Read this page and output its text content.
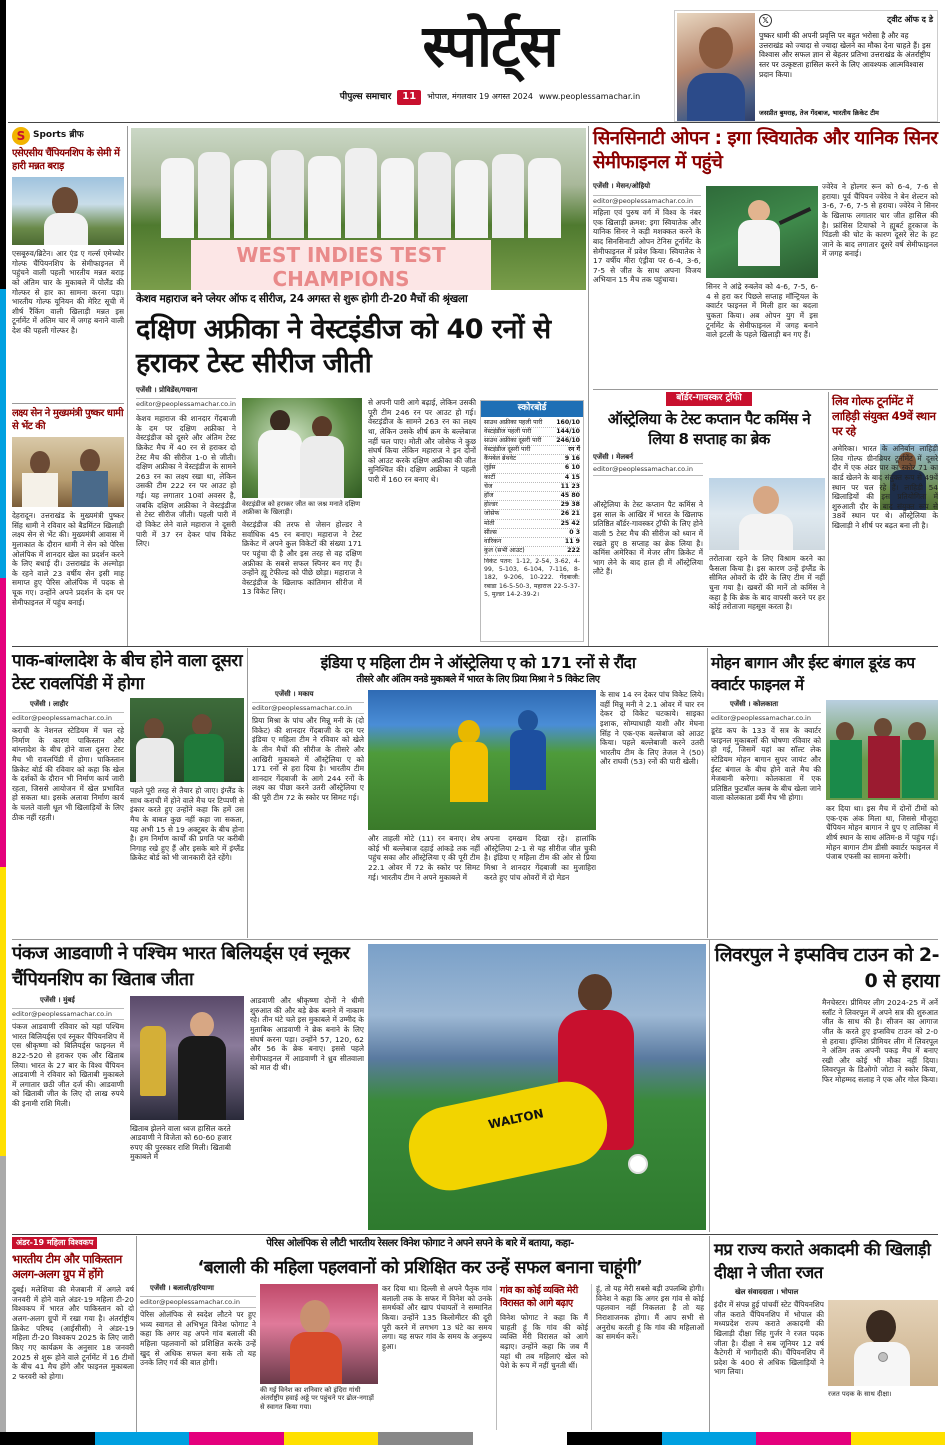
स्पोर्ट्स
पीपुल्स समाचार	11	भोपाल, मंगलवार 19 अगस्त 2024 www.peoplessamachar.in
𝕏	ट्वीट ऑफ द डे
पुष्कर धामी की अपनी प्रवृत्ति पर बहुत भरोसा है और वह उत्तराखंड को ज्यादा से ज्यादा खेलने का मौका देना चाहते हैं। इस विश्वास और सफल ज्ञान से बेहतर प्रतिभा उत्तराखंड के अंतर्राष्ट्रीय स्तर पर उत्कृष्टता हासिल करने के लिए आवश्यक आत्मविश्वास प्रदान किया।
जसप्रीत बुमराह, तेज गेंदबाज, भारतीय क्रिकेट टीम
S Sports ब्रीफ
एसेएसीय चैंपियनशिप के सेमी में हारी मन्नत बराड़
एसबूरुव/ब्रिटेन। आर एंड ए गर्ल्स एमेच्योर गोल्फ चैंपियनशिप के सेमीफाइनल में पहुंचने वाली पहली भारतीय मन्नत बराड़ को अंतिम चार के मुकाबले में पोलैंड की गोल्फर से हार का सामना करना पड़ा। भारतीय गोल्फ यूनियन की मेरिट सूची में शीर्ष रैंकिंग वाली खिलाड़ी मन्नत इस टूर्नामेंट में अंतिम चार में जगह बनाने वाली देश की पहली गोल्फर है।
लक्ष्य सेन ने मुख्यमंत्री पुष्कर धामी से भेंट की
देहरादून। उत्तराखंड के मुख्यमंत्री पुष्कर सिंह धामी ने रविवार को बैडमिंटन खिलाड़ी लक्ष्य सेन से भेंट की। मुख्यमंत्री आवास में मुलाकात के दौरान धामी ने सेन को पेरिस ओलंपिक में शानदार खेल का प्रदर्शन करने के लिए बधाई दी। उत्तराखंड के अल्मोड़ा के रहने वाले 23 वर्षीय सेन इसी माह समाप्त हुए पेरिस ओलंपिक में पदक से चूक गए। उन्होंने अपने प्रदर्शन के दम पर सेमीफाइनल में पहुंच बनाई।
WEST INDIES TEST CHAMPIONS
केशव महाराज बने प्लेयर ऑफ द सीरीज, 24 अगस्त से शुरू होगी टी-20 मैचों की श्रृंखला
दक्षिण अफ्रीका ने वेस्टइंडीज को 40 रनों से हराकर टेस्ट सीरीज जीती
एजेंसी । प्रोविडेंस/गयाना
editor@peoplessamachar.co.in
केशव महाराज की शानदार गेंदबाजी के दम पर दक्षिण अफ्रीका ने वेस्टइंडीज को दूसरे और अंतिम टेस्ट क्रिकेट मैच में 40 रन से हराकर दो टेस्ट मैच की सीरीज 1-0 से जीती। दक्षिण अफ्रीका ने वेस्टइंडीज के सामने 263 रन का लक्ष्य रखा था, लेकिन उसकी टीम 222 रन पर आउट हो गई। यह लगातार 10वां अवसर है, जबकि दक्षिण अफ्रीका ने वेस्टइंडीज से टेस्ट सीरीज जीती। पहली पारी में दो विकेट लेने वाले महाराज ने दूसरी पारी में 37 रन देकर पांच विकेट लिए।
वेस्टइंडीज को हराकर जीत का जश्न मनाते दक्षिण अफ्रीका के खिलाड़ी।
वेस्टइंडीज की तरफ से जेसन होल्डर ने सर्वाधिक 45 रन बनाए। महाराज ने टेस्ट क्रिकेट में अपने कुल विकेटों की संख्या 171 पर पहुंचा दी है और इस तरह से वह दक्षिण अफ्रीका के सबसे सफल स्पिनर बन गए हैं। उन्होंने ह्यू टेफील्ड को पीछे छोड़ा। महाराज ने वेस्टइंडीज के खिलाफ कांतिमान सीरीज में 13 विकेट लिए।
से अपनी पारी आगे बढ़ाई, लेकिन उसकी पूरी टीम 246 रन पर आउट हो गई। वेस्टइंडीज के सामने 263 रन का लक्ष्य था, लेकिन उसके शीर्ष क्रम के बल्लेबाज नहीं चल पाए। मोती और जोसेफ ने कुछ संघर्ष किया लेकिन महाराज ने इन दोनों को आउट करके दक्षिण अफ्रीका की जीत सुनिश्चित की। दक्षिण अफ्रीका ने पहली पारी में 160 रन बनाए थे।
स्कोरबोर्ड
साउथ अफ्रीका पहली पारी 160/10
वेस्टइंडीज पहली पारी	144/10
साउथ अफ्रीका दूसरी पारी 246/10
वेस्टइंडीज दूसरी पारी	रन गें
कैंपबेल ब्रेथवेट	9 16
लुईस	6 10
कार्टी	4 15
चेज	11 23
हॉज	45 80
होल्डर	29 38
जोसेफ	26 21
मोती	25 42
सील्स	0 3
वारिकन	11 9
कुल (सभी आउट)	222
विकेट पतन: 1-12, 2-54, 3-62, 4-99, 5-103, 6-104, 7-116, 8-182, 9-206, 10-222. गेंदबाजी: रबाडा 16-5-50-3, महाराज 22-5-37-5, मुल्डर 14-2-39-2।
सिनसिनाटी ओपन : इगा स्वियातेक और यानिक सिनर सेमीफाइनल में पहुंचे
एजेंसी । मेसन/ओहियो
editor@peoplessamachar.co.in
महिला एवं पुरुष वर्ग में विश्व के नंबर एक खिलाड़ी क्रमश: इगा स्वियातेक और यानिक सिनर ने कड़ी मशक्कत करने के बाद सिनसिनाटी ओपन टेनिस टूर्नामेंट के सेमीफाइनल में प्रवेश किया। स्वियातेक ने 17 वर्षीय मीरा एंड्रीवा पर 6-4, 3-6, 7-5 से जीत के साथ अपना विजय अभियान 15 मैच तक पहुंचाया।
सिनर ने आंद्रे रुबलेव को 4-6, 7-5, 6-4 से हरा कर पिछले सप्ताह मॉन्ट्रियल के क्वार्टर फाइनल में मिली हार का बदला चुकता किया। अब ओपन युग में इस टूर्नामेंट के सेमीफाइनल में जगह बनाने वाले इटली के पहले खिलाड़ी बन गए हैं।
ज्वेरेव ने होल्गर रून को 6-4, 7-6 से हराया। पूर्व चैंपियन ज्वेरेव ने बेन शेल्टन को 3-6, 7-6, 7-5 से हराया। ज्वेरेव ने सिनर के खिलाफ लगातार चार जीत हासिल की है। फ्रांसिस टियाफो ने ह्यूबर्ट हुरकाज के पिंडली की चोट के कारण दूसरे सेट के हट जाने के बाद लगातार दूसरे वर्ष सेमीफाइनल में जगह बनाई।
बॉर्डर-गावस्कर ट्रॉफी
ऑस्ट्रेलिया के टेस्ट कप्तान पैट कमिंस ने लिया 8 सप्ताह का ब्रेक
एजेंसी । मेलबर्न
editor@peoplessamachar.co.in
ऑस्ट्रेलिया के टेस्ट कप्तान पैट कमिंस ने इस साल के आखिर में भारत के खिलाफ प्रतिष्ठित बॉर्डर-गावस्कर ट्रॉफी के लिए होने वाली 5 टेस्ट मैच की सीरीज को ध्यान में रखते हुए 8 सप्ताह का ब्रेक लिया है। कमिंस अमेरिका में मेजर लीग क्रिकेट में भाग लेने के बाद हाल ही में ऑस्ट्रेलिया लौटे हैं।
तरोताजा रहने के लिए विश्राम करने का फैसला किया है। इस कारण उन्हें इंग्लैंड के सीमित ओवरों के दौरे के लिए टीम में नहीं चुना गया है। खबरों की मानें तो कमिंस ने कहा है कि ब्रेक के बाद वापसी करने पर हर कोई तरोताजा महसूस करता है।
लिव गोल्फ टूर्नामेंट में लाहिड़ी संयुक्त 49वें स्थान पर रहे
अमेरिका। भारत के अनिर्बान लाहिड़ी लिव गोल्फ ग्रीनब्रियर टूर्नामेंट में दूसरे दौर में एक अंडर पार का स्कोर 71 का कार्ड खेलने के बाद संयुक्त रूप से 49वें स्थान पर चल रहे हैं। लाहिड़ी 54 खिलाड़ियों की इस प्रतियोगिता में शुरुआती दौर के बाद संयुक्त रूप से 38वें स्थान पर थे। ऑस्ट्रेलिया के खिलाड़ी ने शीर्ष पर बढ़त बना ली है।
पाक-बांग्लादेश के बीच होने वाला दूसरा टेस्ट रावलपिंडी में होगा
एजेंसी । लाहौर
editor@peoplessamachar.co.in
कराची के नेशनल स्टेडियम में चल रहे निर्माण के कारण पाकिस्तान और बांग्लादेश के बीच होने वाला दूसरा टेस्ट मैच भी रावलपिंडी में होगा। पाकिस्तान क्रिकेट बोर्ड की रविवार को कहा कि खेल के दर्शकों के दौरान भी निर्माण कार्य जारी रहता, जिससे आयोजन में खेल प्रभावित हो सकता था। इसके अलावा निर्माण कार्य के चलते वाली धूल भी खिलाड़ियों के लिए ठीक नहीं रहती।
पहले पूरी तरह से तैयार हो जाए। इंग्लैंड के साथ कराची में होने वाले मैच पर टिप्पणी से इंकार करते हुए उन्होंने कहा कि हमें उस मैच के बाबत कुछ नहीं कहा जा सकता, यह अभी 15 से 19 अक्टूबर के बीच होना है। हम निर्माण कार्यों की प्रगति पर करीबी निगाह रखे हुए हैं और इसके बारे में इंग्लैंड क्रिकेट बोर्ड को भी जानकारी देते रहेंगे।
इंडिया ए महिला टीम ने ऑस्ट्रेलिया ए को 171 रनों से रौंदा
तीसरे और अंतिम वनडे मुकाबले में भारत के लिए प्रिया मिश्रा ने 5 विकेट लिए
एजेंसी । मकाय
editor@peoplessamachar.co.in
प्रिया मिश्रा के पांच और मिन्नू मनी के (दो विकेट) की शानदार गेंदबाजी के दम पर इंडिया ए महिला टीम ने रविवार को खेले के तीन मैचों की सीरीज के तीसरे और आखिरी मुकाबले में ऑस्ट्रेलिया ए को 171 रनों से हरा दिया है। भारतीय टीम शानदार गेंदबाजी के आगे 244 रनों के लक्ष्य का पीछा करने उतरी ऑस्ट्रेलिया ए की पूरी टीम 72 के स्कोर पर सिमट गई।
और ताहली मोटे (11) रन बनाए। शेष कोई भी बल्लेबाज दहाई आंकड़े तक नहीं पहुंच सका और ऑस्ट्रेलिया ए की पूरी टीम 22.1 ओवर में 72 के स्कोर पर सिमट गई। भारतीय टीम ने अपने मुकाबले में
अपना दमखम दिखा रहे। हालांकि ऑस्ट्रेलिया 2-1 से यह सीरीज जीत चुकी है। इंडिया ए महिला टीम की ओर से प्रिया मिश्रा ने शानदार गेंदबाजी का मुजाहिरा करते हुए पांच ओवरों में दो मेडन
के साथ 14 रन देकर पांच विकेट लिये। वहीं मिन्नू मनी ने 2.1 ओवर में चार रन देकर दो विकेट चटकाये। साइका इशाक, सोम्पाधाही याशी और मेघना सिंह ने एक-एक बल्लेबाज को आउट किया। पहले बल्लेबाजी करने उतरी भारतीय टीम के लिए तेजल ने (50) और राघवी (53) रनों की पारी खेली।
मोहन बागान और ईस्ट बंगाल डूरंड कप क्वार्टर फाइनल में
एजेंसी । कोलकाता
editor@peoplessamachar.co.in
डूरंड कप के 133 वें सत्र के क्वार्टर फाइनल मुकाबलों की घोषणा रविवार को हो गई, जिसमें यहां का सॉल्ट लेक स्टेडियम मोहन बागान सुपर जायंट और ईस्ट बंगाल के बीच होने वाले मैच की मेजबानी करेगा। कोलकाता में एक प्रतिष्ठित फुटबॉल क्लब के बीच खेला जाने वाला कोलकाता डर्बी मैच भी होगा।
कर दिया था। इस मैच में दोनों टीमों को एक-एक अंक मिला था, जिससे मौजूदा चैंपियन मोहन बागान ने ग्रुप ए तालिका में शीर्ष स्थान के साथ अंतिम-8 में पहुंच गई। मोहन बागान टीम डीसी क्वार्टर फाइनल में पंजाब एफसी का सामना करेगी।
पंकज आडवाणी ने पश्चिम भारत बिलियर्ड्स एवं स्नूकर चैंपियनशिप का खिताब जीता
एजेंसी । मुंबई
editor@peoplessamachar.co.in
पंकज आडवाणी रविवार को यहां पश्चिम भारत बिलियर्ड्स एवं स्नूकर चैंपियनशिप में एस श्रीकृष्णा को बिलियर्ड्स फाइनल में 822-520 से हराकर एक और खिताब लिया। भारत के 27 बार के विश्व चैंपियन आडवाणी ने रविवार को खिताबी मुकाबले में लगातार छठी जीत दर्ज की। आडवाणी को खिताबी जीत के लिए दो लाख रुपये की इनामी राशि मिली।
खिताब झेलने वाला ध्वज हासिल करते आडवाणी ने विजेता को 60-60 हजार रुपए की पुरस्कार राशि मिली। खिताबी मुकाबले में
आडवाणी और श्रीकृष्णा दोनों ने धीमी शुरुआत की और बड़े ब्रेक बनाने में नाकाम रहे। तीन घंटे चले इस मुकाबले में उम्मीद के मुताबिक आडवाणी ने ब्रेक बनाने के लिए संघर्ष करना पड़ा। उन्होंने 57, 120, 62 और 56 के ब्रेक बनाए। इससे पहले सेमीफाइनल में आडवाणी ने ध्रुव सीतवाला को मात दी थी।
WALTON
लिवरपुल ने इप्सविच टाउन को 2-0 से हराया
मैनचेस्टर। प्रीमियर लीग 2024-25 में अर्ने स्लॉट ने लिवरपूल में अपने सत्र की शुरुआत जीत के साथ की है। सीजन का आगाज जीत के करते हुए इप्सविच टाउन को 2-0 से हराया। इंग्लिश प्रीमियर लीग में लिवरपूल ने अंतिम तक अपनी पकड़ मैच में बनाए रखी और कोई भी मौका नहीं दिया। लिवरपूल के डिओगो जोटा ने स्कोर किया, फिर मोहम्मद सलाह ने एक और गोल किया।
अंडर-19 महिला विश्वकप
भारतीय टीम और पाकिस्तान अलग-अलग ग्रुप में होंगे
दुबई। मलेशिया की मेजबानी में अगले वर्ष जनवरी में होने वाले अंडर-19 महिला टी-20 विश्वकप में भारत और पाकिस्तान को दो अलग-अलग ग्रुपों में रखा गया है। अंतर्राष्ट्रीय क्रिकेट परिषद (आईसीसी) ने अंडर-19 महिला टी-20 विश्वकप 2025 के लिए जारी किए गए कार्यक्रम के अनुसार 18 जनवरी 2025 से शुरू होने वाले टूर्नामेंट में 16 टीमों के बीच 41 मैच होंगे और फाइनल मुकाबला 2 फरवरी को होगा।
पेरिस ओलंपिक से लौटी भारतीय रेसलर विनेश फोगाट ने अपने सपने के बारे में बताया, कहा-
‘बलाली की महिला पहलवानों को प्रशिक्षित कर उन्हें सफल बनाना चाहूंगी’
एजेंसी । बलाली/हरियाणा
editor@peoplessamachar.co.in
पेरिस ओलंपिक से स्वदेश लौटने पर हुए भव्य स्वागत से अभिभूत विनेश फोगाट ने कहा कि अगर वह अपने गांव बलाली की महिला पहलवानों को प्रशिक्षित करके उन्हें खुद से अधिक सफल बना सके तो यह उनके लिए गर्व की बात होगी।
की गई विनेश का शनिवार को इंदिरा गांधी अंतर्राष्ट्रीय हवाई अड्डे पर पहुंचने पर ढोल-नगाड़ों से स्वागत किया गया।
कर दिया था। दिल्ली से अपने पैतृक गांव बलाली तक के सफर में विनेश को उनके समर्थकों और खाप पंचायतों ने सम्मानित किया। उन्होंने 135 किलोमीटर की दूरी पूरी करने में लगभग 13 घंटे का समय लगा। यह सफर गांव के समय के अनुरूप हुआ।
गांव का कोई व्यक्ति मेरी विरासत को आगे बढ़ाए
विनेश फोगाट ने कहा कि मैं चाहती हूं कि गांव की कोई व्यक्ति मेरी विरासत को आगे बढ़ाए। उन्होंने कहा कि जब मैं यहां थी तब महिलाएं खेल को पेशे के रूप में नहीं चुनती थीं।
हूं, तो यह मेरी सबसे बड़ी उपलब्धि होगी। विनेश ने कहा कि अगर इस गांव से कोई पहलवान नहीं निकलता है तो यह निराशाजनक होगा। मैं आप सभी से अनुरोध करती हूं कि गांव की महिलाओं का समर्थन करें।
मप्र राज्य कराते अकादमी की खिलाड़ी दीक्षा ने जीता रजत
खेल संवाददाता । भोपाल
इंदौर में संपन्न हुई पांचवीं स्टेट चैंपियनशिप जीत कराते चैंपियनशिप में भोपाल की मध्यप्रदेश राज्य कराते अकादमी की खिलाड़ी दीक्षा सिंह गुर्जर ने रजत पदक जीता है। दीक्षा ने सब जूनियर 12 वर्ष कैटेगरी में भागीदारी की। चैंपियनशिप में प्रदेश के 400 से अधिक खिलाड़ियों ने भाग लिया।
रजत पदक के साथ दीक्षा।
